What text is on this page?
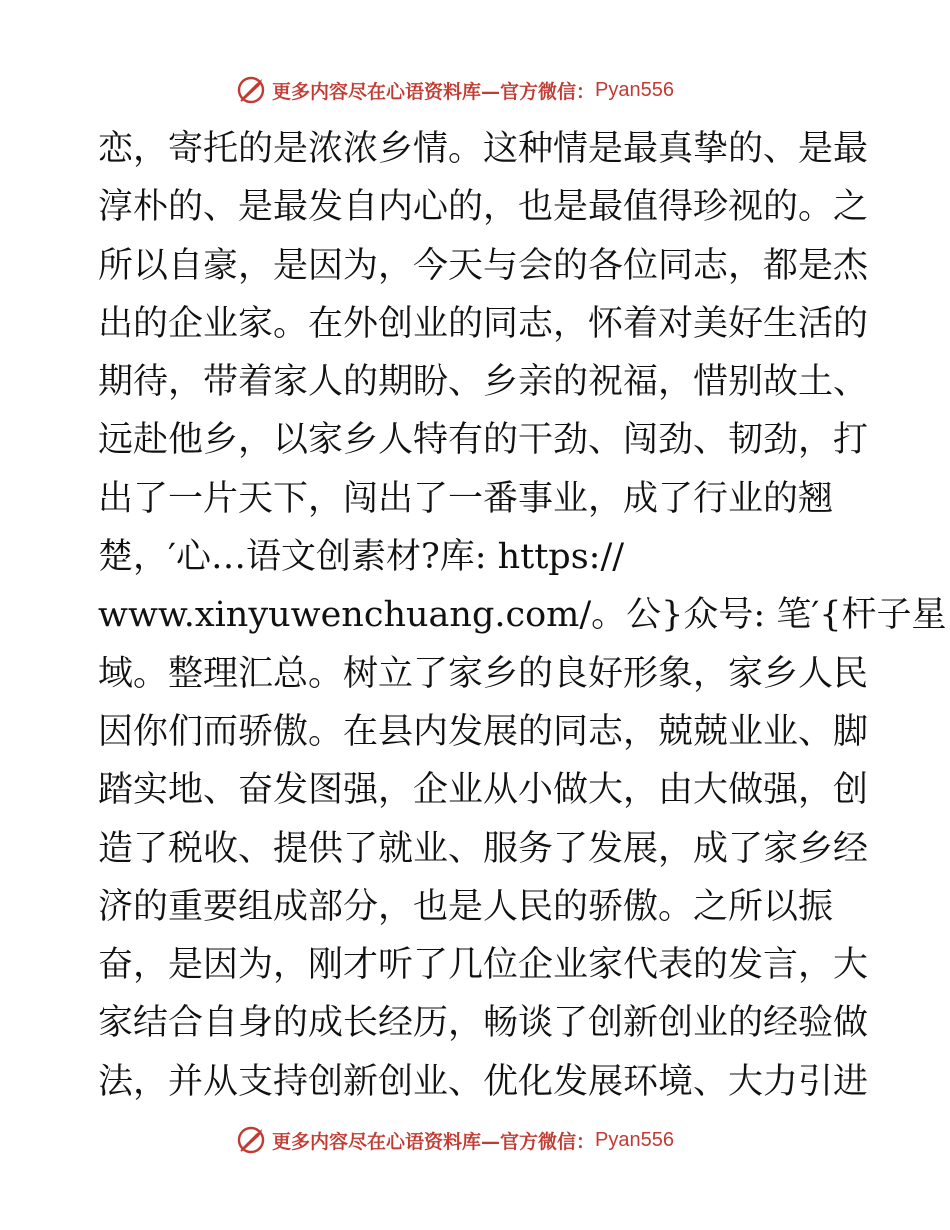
更多内容尽在心语资料库—官方微信： Pyan556
恋，寄托的是浓浓乡情。这种情是最真挚的、是最
淳朴的、是最发自内心的，也是最值得珍视的。之
所以自豪，是因为，今天与会的各位同志，都是杰
出的企业家。在外创业的同志，怀着对美好生活的
期待，带着家人的期盼、乡亲的祝福，惜别故土、
远赴他乡，以家乡人特有的干劲、闯劲、韧劲，打
出了一片天下，闯出了一番事业，成了行业的翘
楚，′心…语文创素材?库: https://
www.xinyuwenchuang.com/。公}众号: 笔′{杆子星
域。整理汇总。树立了家乡的良好形象，家乡人民
因你们而骄傲。在县内发展的同志，兢兢业业、脚
踏实地、奋发图强，企业从小做大，由大做强，创
造了税收、提供了就业、服务了发展，成了家乡经
济的重要组成部分，也是人民的骄傲。之所以振
奋，是因为，刚才听了几位企业家代表的发言，大
家结合自身的成长经历，畅谈了创新创业的经验做
法，并从支持创新创业、优化发展环境、大力引进
更多内容尽在心语资料库—官方微信： Pyan556
